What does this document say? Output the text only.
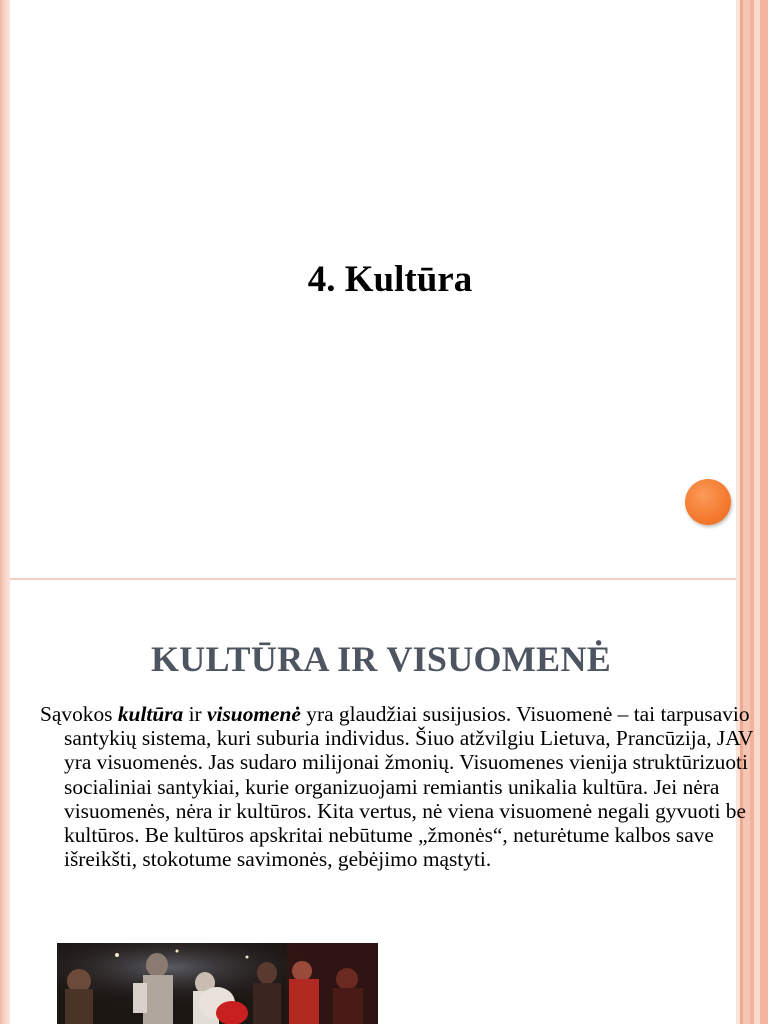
4. Kultūra
KULTŪRA IR VISUOMENĖ

Sąvokos kultūra ir visuomenė yra glaudžiai susijusios. Visuomenė – tai tarpusavio santykių sistema, kuri suburia individus. Šiuo atžvilgiu Lietuva, Prancūzija, JAV yra visuomenės. Jas sudaro milijonai žmonių. Visuomenes vienija struktūrizuoti socialiniai santykiai, kurie organizuojami remiantis unikalia kultūra. Jei nėra visuomenės, nėra ir kultūros. Kita vertus, nė viena visuomenė negali gyvuoti be kultūros. Be kultūros apskritai nebūtume „žmonės“, neturėtume kalbos save išreikšti, stokotume savimonės, gebėjimo mąstyti.
